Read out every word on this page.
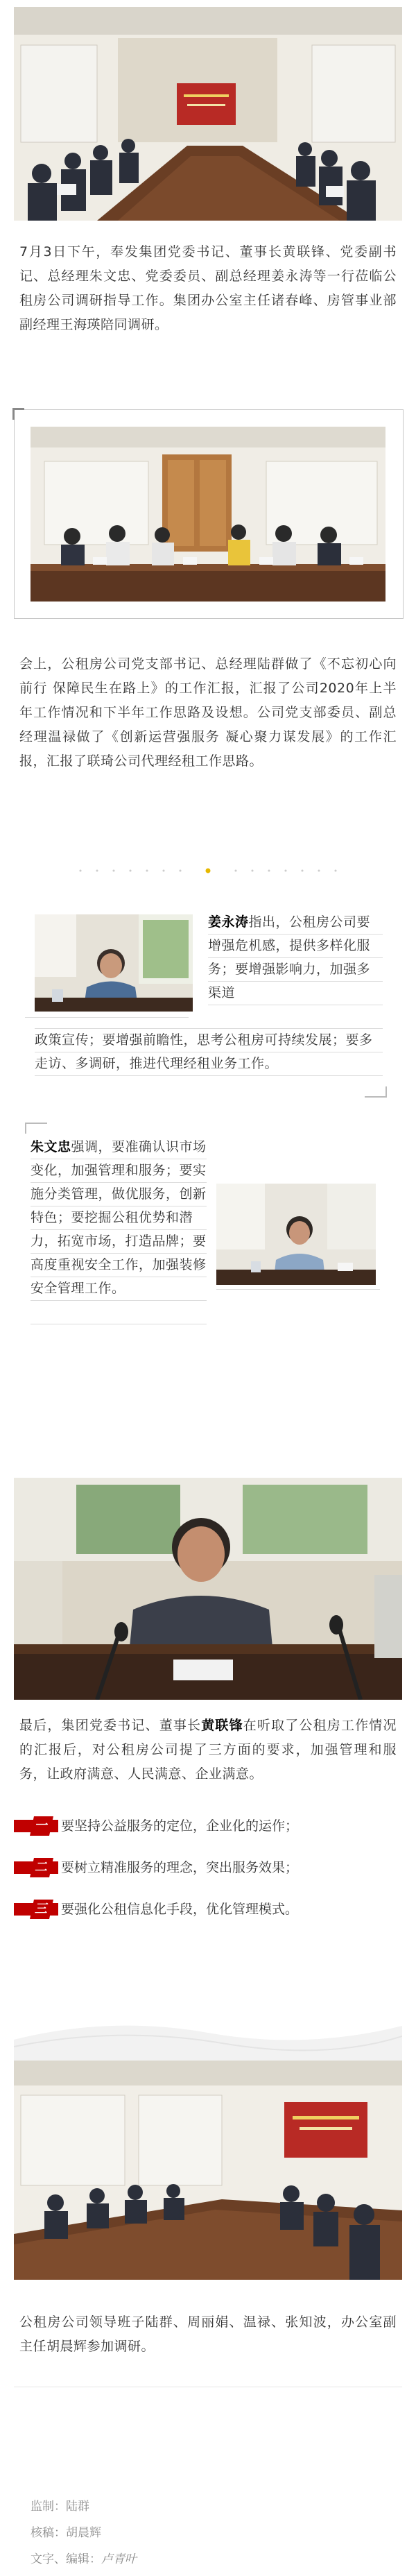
7月3日下午，奉发集团党委书记、董事长黄联锋、党委副书记、总经理朱文忠、党委委员、副总经理姜永涛等一行莅临公租房公司调研指导工作。集团办公室主任诸春峰、房管事业部副经理王海瑛陪同调研。

会上，公租房公司党支部书记、总经理陆群做了《不忘初心向前行 保障民生在路上》的工作汇报，汇报了公司2020年上半年工作情况和下半年工作思路及设想。公司党支部委员、副总经理温禄做了《创新运营强服务 凝心聚力谋发展》的工作汇报，汇报了联琦公司代理经租工作思路。

姜永涛指出，公租房公司要增强危机感，提供多样化服务；要增强影响力，加强多渠道

政策宣传；要增强前瞻性，思考公租房可持续发展；要多走访、多调研，推进代理经租业务工作。

朱文忠强调，要准确认识市场变化，加强管理和服务；要实施分类管理，做优服务，创新特色；要挖掘公租优势和潜力，拓宽市场，打造品牌；要高度重视安全工作，加强装修安全管理工作。

最后，集团党委书记、董事长黄联锋在听取了公租房工作情况的汇报后，对公租房公司提了三方面的要求，加强管理和服务，让政府满意、人民满意、企业满意。

一 要坚持公益服务的定位，企业化的运作；
二 要树立精准服务的理念，突出服务效果；
三 要强化公租信息化手段，优化管理模式。

公租房公司领导班子陆群、周丽娟、温禄、张知波，办公室副主任胡晨辉参加调研。

监制：陆群
核稿：胡晨辉
文字、编辑：卢青叶
